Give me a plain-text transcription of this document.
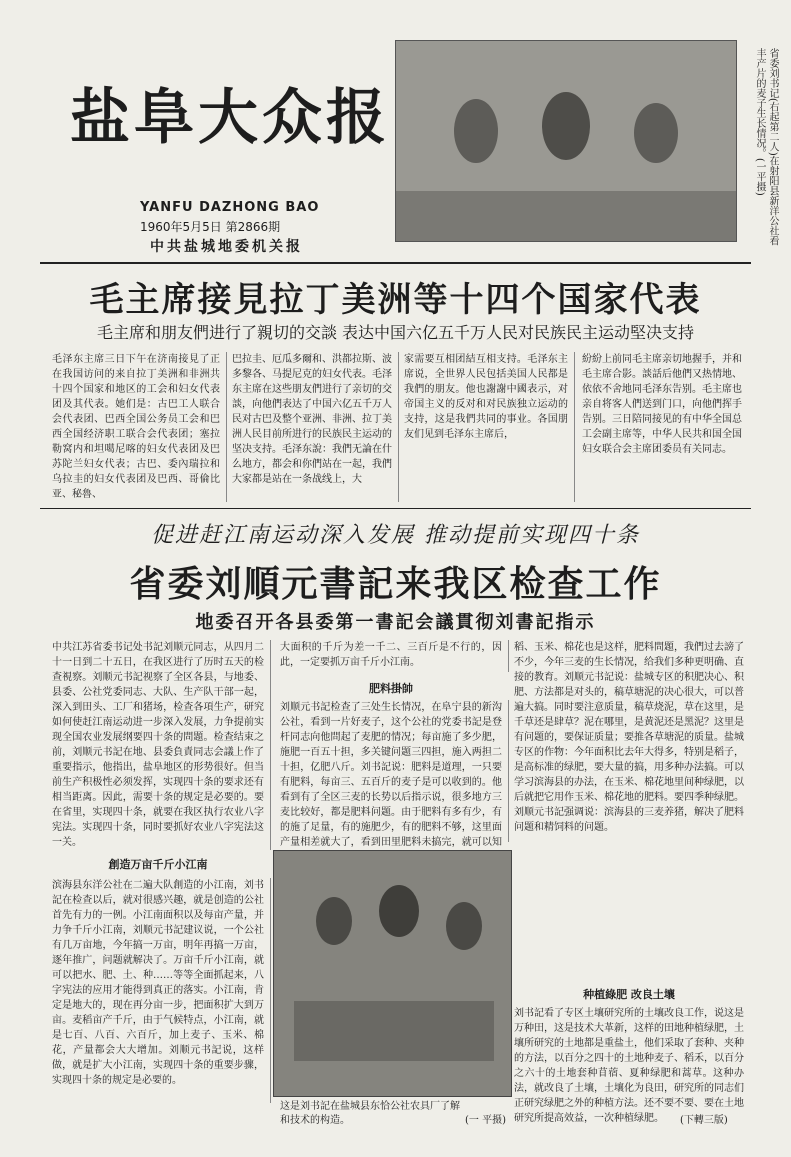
盐阜大众报
YANFU DAZHONG BAO
1960年5月5日 第2866期
中共盐城地委机关报
省委刘书记(右起第二人)在射阳县新洋公社看丰产片的麦子生长情况。(一平摄)
毛主席接見拉丁美洲等十四个国家代表
毛主席和朋友們进行了親切的交談 表达中国六亿五千万人民对民族民主运动堅决支持
毛泽东主席三日下午在济南接見了正在我国访问的来自拉丁美洲和非洲共十四个国家和地区的工会和妇女代表团及其代表。她们是：古巴工人联合会代表团、巴西全国公务员工会和巴西全国经济职工联合会代表团；塞拉勒窝内和坦噶尼喀的妇女代表团及巴苏陀兰妇女代表；古巴、委內瑞拉和乌拉圭的妇女代表团及巴西、哥倫比亚、秘魯、
巴拉圭、厄瓜多爾和、洪都拉斯、波多黎各、马提尼克的妇女代表。毛泽东主席在这些朋友們进行了亲切的交談，向他們表达了中国六亿五千万人民对古巴及整个亚洲、非洲、拉丁美洲人民目前所进行的民族民主运动的坚决支持。毛泽东說：我們无論在什么地方，都会和你們站在一起，我們大家都是站在一条战线上，大
家需要互相团結互相支持。毛泽东主席说，全世界人民包括美国人民都是我們的朋友。他也謝謝中國表示，对帝国主义的反对和对民族独立运动的支持，这是我們共同的事业。各国朋友们见到毛泽东主席后，
紛紛上前同毛主席亲切地握手，并和毛主席合影。談話后他們又热情地、依依不舍地同毛泽东告别。毛主席也亲自将客人們送到门口，向他們挥手告别。三日陪同接见的有中华全国总工会副主席等，中华人民共和国全国妇女联合会主席团委员有关同志。
促进赶江南运动深入发展 推动提前实现四十条
省委刘順元書記来我区检查工作
地委召开各县委第一書記会議貫彻刘書記指示
中共江苏省委书记处书記刘顺元同志，从四月二十一日到二十五日，在我区进行了历时五天的检查視察。刘顺元书記视察了全区各县，与地委、县委、公社党委同志、大队、生产队干部一起，深入到田头、工厂和猪场，检查各項生产，研究如何使赶江南运动进一步深入发展，力争提前实现全国农业发展纲要四十条的問題。检查结束之前，刘顺元书記在地、县委負責同志会議上作了重要指示，他指出，盐阜地区的形势很好。但当前生产积极性必须发挥，实现四十条的要求还有相当距离。因此，需要十条的规定是必要的。要在省里，实现四十条，就要在我区执行农业八字宪法。实现四十条，同时要抓好农业八字宪法这一关。
創造万亩千斤小江南
滨海县东洋公社在二遍大队創造的小江南，刘书記在检查以后，就对很感兴趣，就是创造的公社首先有力的一例。小江南面积以及每亩产量，并力争千斤小江南，刘顺元书記建议说，一个公社有几万亩地，今年搞一万亩，明年再搞一万亩，逐年推广，问题就解决了。万亩千斤小江南，就可以把水、肥、土、种……等等全面抓起来，八字宪法的应用才能得到真正的落实。小江南，肯定是地大的，现在再分亩一步，把面积扩大到万亩。麦稻亩产千斤，由于气候特点，小江南，就是七百、八百、六百斤，加上麦子、玉米、棉花，产量都会大大增加。刘顺元书記说，这样做，就是扩大小江南，实现四十条的重要步骤，实现四十条的规定是必要的。
大面积的千斤为差一千二、三百斤是不行的，因此，一定要抓万亩千斤小江南。
肥料掛帥
刘顺元书記检查了三处生长情况，在阜宁县的新沟公社，看到一片好麦子，这个公社的党委书記是登杆同志向他問起了麦肥的情况；每亩施了多少肥，施肥一百五十担，多关键问题三四担，施入两担二十担，亿肥八斤。刘书記说：肥料是道理，一只要有肥料，每亩三、五百斤的麦子是可以收到的。他看到有了全区三麦的长势以后指示说，很多地方三麦比较好，都是肥料问题。由于肥料有多有少，有的施了足量，有的施肥少，有的肥料不够，这里面产量相差就大了，看到田里肥料未搞完，就可以知
这是刘书記在盐城县东恰公社农具厂了解和技术的构造。	(一 平摄)
稻、玉米、棉花也是这样，肥料問題，我們过去謗了不少，今年三麦的生长情况，给我们多种更明确、直接的教育。刘顺元书記说：盐城专区的积肥决心、积肥、方法都是对头的，稿草塘泥的决心很大，可以普遍大搞。同时要注意质量，稿草烧泥，草在这里，是千草还是肆草？泥在哪里，是黄泥还是黑泥？这里是有问题的，要保证质量；要推各草塘泥的质量。盐城专区的作物：今年面积比去年大得多，特别是稻子，是高标准的绿肥，要大量的搞，用多种办法搞。可以学习滨海县的办法，在玉米、棉花地里间种绿肥，以后就把它用作玉米、棉花地的肥料。要四季种绿肥。刘顺元书記强调说：滨海县的三麦养猪，解决了肥料问题和精饲料的问题。
种植綠肥 改良土壤
刘书記看了专区土壤研究所的土壤改良工作，说这是万种田，这是技术大革新，这样的田地种植绿肥，土壤所研究的土地都是重盐土，他们采取了套种、夹种的方法，以百分之四十的土地种麦子、稻禾，以百分之六十的土地套种苜蓿、夏种绿肥和蒿草。这种办法，就改良了土壤，土壤化为良田，研究所的同志们正研究绿肥之外的种植方法。还不要不要、要在土地研究所提高效益，一次种植绿肥。	(下轉三版)
